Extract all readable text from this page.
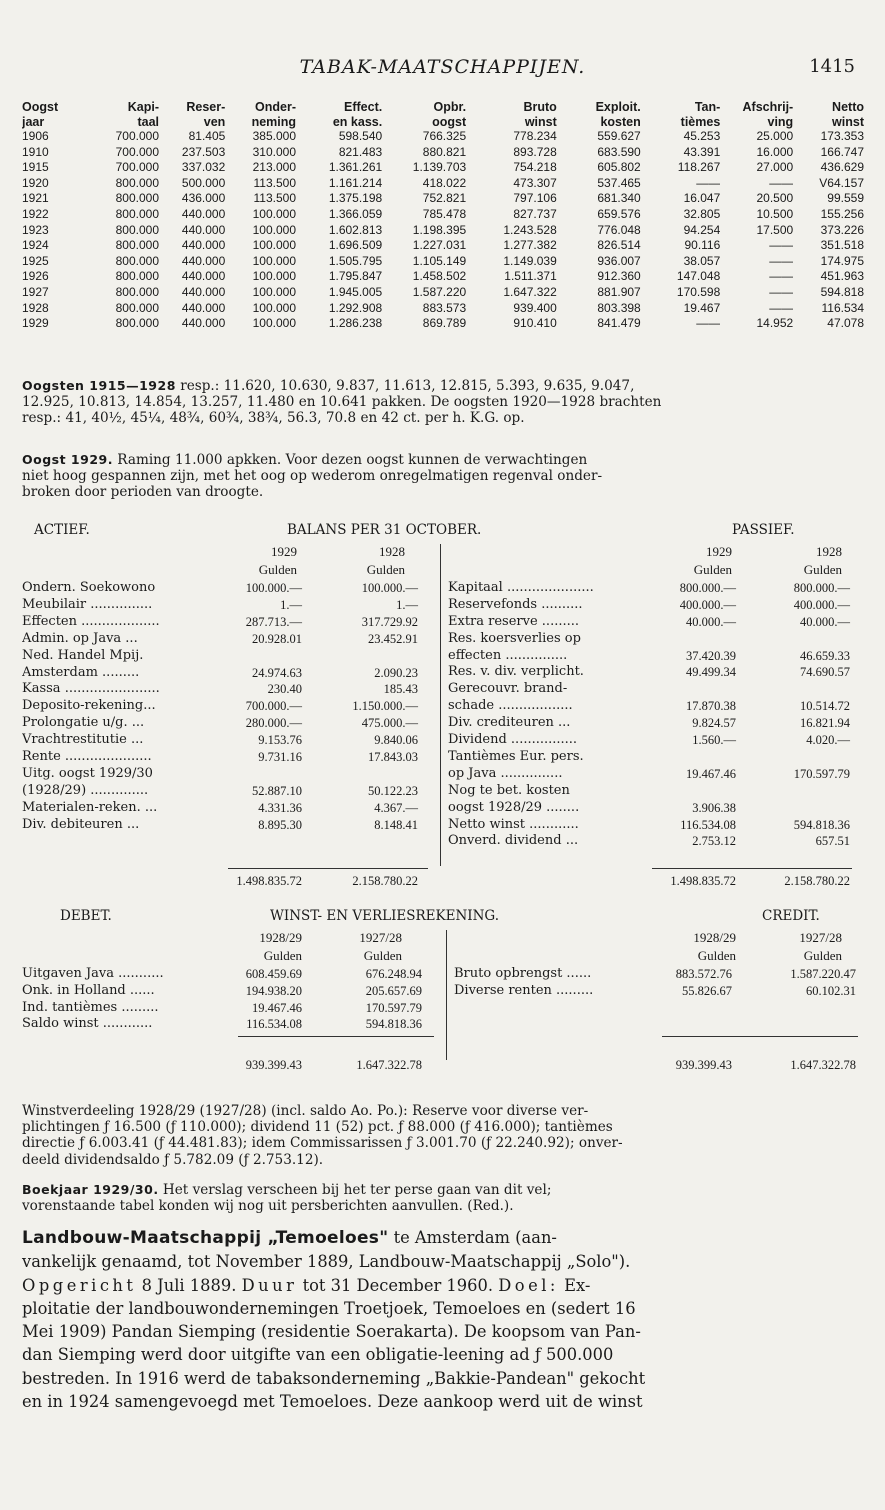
TABAK-MAATSCHAPPIJEN.	1415
Oogst	Kapi-	Reser-	Onder-	Effect.	Opbr.	Bruto	Exploit.	Tan-	Afschrij-	Netto
jaar	taal	ven	neming	en kass.	oogst	winst	kosten	tièmes	ving	winst
1906	700.000	81.405	385.000	598.540	766.325	778.234	559.627	45.253	25.000	173.353
1910	700.000	237.503	310.000	821.483	880.821	893.728	683.590	43.391	16.000	166.747
1915	700.000	337.032	213.000	1.361.261	1.139.703	754.218	605.802	118.267	27.000	436.629
1920	800.000	500.000	113.500	1.161.214	418.022	473.307	537.465	——	——	V64.157
1921	800.000	436.000	113.500	1.375.198	752.821	797.106	681.340	16.047	20.500	99.559
1922	800.000	440.000	100.000	1.366.059	785.478	827.737	659.576	32.805	10.500	155.256
1923	800.000	440.000	100.000	1.602.813	1.198.395	1.243.528	776.048	94.254	17.500	373.226
1924	800.000	440.000	100.000	1.696.509	1.227.031	1.277.382	826.514	90.116	——	351.518
1925	800.000	440.000	100.000	1.505.795	1.105.149	1.149.039	936.007	38.057	——	174.975
1926	800.000	440.000	100.000	1.795.847	1.458.502	1.511.371	912.360	147.048	——	451.963
1927	800.000	440.000	100.000	1.945.005	1.587.220	1.647.322	881.907	170.598	——	594.818
1928	800.000	440.000	100.000	1.292.908	883.573	939.400	803.398	19.467	——	116.534
1929	800.000	440.000	100.000	1.286.238	869.789	910.410	841.479	——	14.952	47.078
Oogsten 1915—1928 resp.: 11.620, 10.630, 9.837, 11.613, 12.815, 5.393, 9.635, 9.047,
12.925, 10.813, 14.854, 13.257, 11.480 en 10.641 pakken. De oogsten 1920—1928 brachten
resp.: 41, 40½, 45¼, 48¾, 60¾, 38¾, 56.3, 70.8 en 42 ct. per h. K.G. op.
Oogst 1929. Raming 11.000 apkken. Voor dezen oogst kunnen de verwachtingen
niet hoog gespannen zijn, met het oog op wederom onregelmatigen regenval onder-
broken door perioden van droogte.
ACTIEF.	BALANS PER 31 OCTOBER.	PASSIEF.
1929	1928
Gulden	Gulden
1929	1928
Gulden	Gulden
Ondern. Soekowono	100.000.—	100.000.—
Meubilair ...............	1.—	1.—
Effecten ...................	287.713.—	317.729.92
Admin. op Java ...	20.928.01	23.452.91
Ned. Handel Mpij.
Amsterdam .........	24.974.63	2.090.23
Kassa .......................	230.40	185.43
Deposito-rekening...	700.000.—	1.150.000.—
Prolongatie u/g. ...	280.000.—	475.000.—
Vrachtrestitutie ...	9.153.76	9.840.06
Rente .....................	9.731.16	17.843.03
Uitg. oogst 1929/30
(1928/29) ..............	52.887.10	50.122.23
Materialen-reken. ...	4.331.36	4.367.—
Div. debiteuren ...	8.895.30	8.148.41
Kapitaal .....................	800.000.—	800.000.—
Reservefonds ..........	400.000.—	400.000.—
Extra reserve .........	40.000.—	40.000.—
Res. koersverlies op
effecten ...............	37.420.39	46.659.33
Res. v. div. verplicht.	49.499.34	74.690.57
Gerecouvr. brand-
schade ..................	17.870.38	10.514.72
Div. crediteuren ...	9.824.57	16.821.94
Dividend ................	1.560.—	4.020.—
Tantièmes Eur. pers.
op Java ...............	19.467.46	170.597.79
Nog te bet. kosten
oogst 1928/29 ........	3.906.38
Netto winst ............	116.534.08	594.818.36
Onverd. dividend ...	2.753.12	657.51
1.498.835.72	2.158.780.22	1.498.835.72	2.158.780.22
DEBET.	WINST- EN VERLIESREKENING.	CREDIT.
1928/29	1927/28
Gulden	Gulden
1928/29	1927/28
Gulden	Gulden
Uitgaven Java ...........	608.459.69	676.248.94
Onk. in Holland ......	194.938.20	205.657.69
Ind. tantièmes .........	19.467.46	170.597.79
Saldo winst ............	116.534.08	594.818.36
Bruto opbrengst ......	883.572.76	1.587.220.47
Diverse renten .........	55.826.67	60.102.31
939.399.43	1.647.322.78	939.399.43	1.647.322.78
Winstverdeeling 1928/29 (1927/28) (incl. saldo Ao. Po.): Reserve voor diverse ver-
plichtingen ƒ 16.500 (ƒ 110.000); dividend 11 (52) pct. ƒ 88.000 (ƒ 416.000); tantièmes
directie ƒ 6.003.41 (ƒ 44.481.83); idem Commissarissen ƒ 3.001.70 (ƒ 22.240.92); onver-
deeld dividendsaldo ƒ 5.782.09 (ƒ 2.753.12).
Boekjaar 1929/30. Het verslag verscheen bij het ter perse gaan van dit vel;
vorenstaande tabel konden wij nog uit persberichten aanvullen. (Red.).
Landbouw-Maatschappij „Temoeloes" te Amsterdam (aan-
vankelijk genaamd, tot November 1889, Landbouw-Maatschappij „Solo").
Opgericht 8 Juli 1889. Duur tot 31 December 1960. Doel: Ex-
ploitatie der landbouwondernemingen Troetjoek, Temoeloes en (sedert 16
Mei 1909) Pandan Siemping (residentie Soerakarta). De koopsom van Pan-
dan Siemping werd door uitgifte van een obligatie-leening ad ƒ 500.000
bestreden. In 1916 werd de tabaksonderneming „Bakkie-Pandean" gekocht
en in 1924 samengevoegd met Temoeloes. Deze aankoop werd uit de winst
